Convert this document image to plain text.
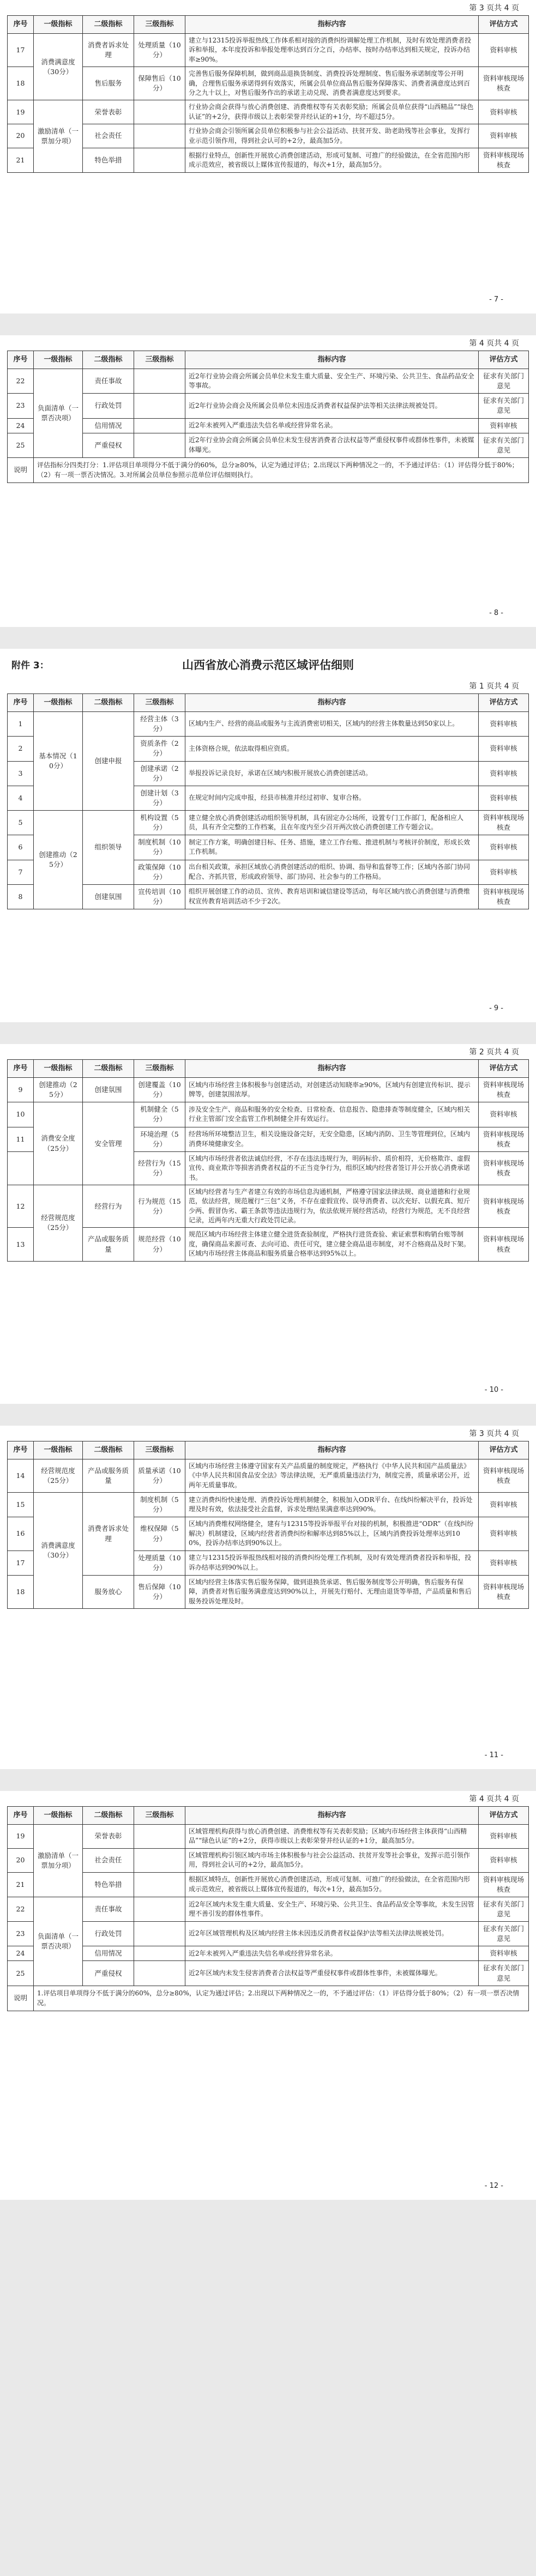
第 3 页共 4 页
序号	一级指标	二级指标	三级指标	指标内容	评估方式
17	消费满意度（30分）	消费者诉求处理	处理质量（10分）	建立与12315投诉举报热线工作体系相对接的消费纠纷调解处理工作机制，及时有效处理消费者投诉和举报，本年度投诉和举报处理率达到百分之百，办结率、按时办结率达到相关规定，投诉办结率≥90%。	资料审核
18		售后服务	保障售后（10分）	完善售后服务保障机制，做到商品退换货制度、消费投诉处理制度、售后服务承诺制度等公开明确，合理售后服务承诺得到有效落实，所属会员单位商品售后服务保障落实、消费者满意度达到百分之九十以上，对售后服务作出的承诺主动兑现、消费者满意度达到要求。	资料审核现场核查
19	激励清单（一票加分项）	荣誉表彰		行业协会商会获得与放心消费创建、消费维权等有关表彰奖励；所属会员单位获得“山西精品”“绿色认证”的+2分，获得市级以上表彰荣誉并经认证的+1分，均不超过5分。	资料审核
20		社会责任		行业协会商会引领所属会员单位积极参与社会公益活动、扶贫开发、助老助残等社会事业，发挥行业示范引领作用，得到社会认可的+2分，最高加5分。	资料审核
21		特色举措		根据行业特点，创新性开展放心消费创建活动，形成可复制、可推广的经验做法，在全省范围内形成示范效应，被省级以上媒体宣传报道的，每次+1分，最高加5分。	资料审核现场核查
- 7 -
第 4 页共 4 页
序号	一级指标	二级指标	三级指标	指标内容	评估方式
22	负面清单（一票否决项）	责任事故		近2年行业协会商会所属会员单位未发生重大质量、安全生产、环境污染、公共卫生、食品药品安全等事故。	征求有关部门意见
23		行政处罚		近2年行业协会商会及所属会员单位未因违反消费者权益保护法等相关法律法规被处罚。	征求有关部门意见
24		信用情况		近2年未被列入严重违法失信名单或经营异常名录。	资料审核
25		严重侵权		近2年行业协会商会所属会员单位未发生侵害消费者合法权益等严重侵权事件或群体性事件，未被媒体曝光。	征求有关部门意见
说明	评估指标分四类打分：1.评估项目单项得分不低于满分的60%，总分≥80%，认定为通过评估；2.出现以下两种情况之一的，不予通过评估：（1）评估得分低于80%；（2）有一项一票否决情况。3.对所属会员单位参照示范单位评估细则执行。				
- 8 -
附件 3：	山西省放心消费示范区域评估细则
第 1 页共 4 页
序号	一级指标	二级指标	三级指标	指标内容	评估方式
1	基本情况（10分）	创建申报	经营主体（3分）	区域内生产、经营的商品或服务与主流消费密切相关，区域内的经营主体数量达到50家以上。	资料审核
2			资质条件（2分）	主体资格合规，依法取得相应资质。	资料审核
3			创建承诺（2分）	举报投诉记录良好，承诺在区域内积极开展放心消费创建活动。	资料审核
4			创建计划（3分）	在规定时间内完成申报，经县市核准并经过初审、复审合格。	资料审核
5	创建推动（25分）	组织领导	机构设置（5分）	建立健全放心消费创建活动组织领导机制，具有固定办公场所，设置专门工作部门，配备相应人员，具有齐全完整的工作档案，且在年度内至少召开两次放心消费创建工作专题会议。	资料审核现场核查
6			制度机制（10分）	制定工作方案，明确创建目标、任务、措施，建立工作台账、推进机制与考核评价制度，形成长效工作机制。	资料审核
7			政策保障（10分）	出台相关政策，承担区域放心消费创建活动的组织、协调、指导和监督等工作；区域内各部门协同配合、齐抓共管，形成政府领导、部门协同、社会参与的工作格局。	资料审核
8		创建氛围	宣传培训（10分）	组织开展创建工作的动员、宣传、教育培训和诚信建设等活动，每年区域内放心消费创建与消费维权宣传教育培训活动不少于2次。	资料审核现场核查
- 9 -
第 2 页共 4 页
序号	一级指标	二级指标	三级指标	指标内容	评估方式
9	创建推动（25分）	创建氛围	创建覆盖（10分）	区域内市场经营主体积极参与创建活动，对创建活动知晓率≥90%，区域内有创建宣传标识、提示牌等，创建氛围浓厚。	资料审核现场核查
10	消费安全度（25分）	安全管理	机制健全（5分）	涉及安全生产、商品和服务的安全检查、日常检查、信息报告、隐患排查等制度健全，区域内相关行业主管部门安全监管工作机制健全并有效运行。	资料审核
11			环境治理（5分）	经营场所环境整洁卫生，相关设施设备完好，无安全隐患，区域内消防、卫生等管理到位，区域内消费环境健康安全。	资料审核现场核查
			经营行为（15分）	区域内市场经营者依法诚信经营，不存在违法违规行为，明码标价、质价相符，无价格欺诈、虚假宣传、商业欺诈等损害消费者权益的不正当竞争行为，组织区域内经营者签订并公开放心消费承诺书。	资料审核现场核查
12	经营规范度（25分）	经营行为	行为规范（15分）	区域内经营者与生产者建立有效的市场信息沟通机制，严格遵守国家法律法规、商业道德和行业规范，依法经营，规范履行“三包”义务，不存在虚假宣传、误导消费者、以次充好、以假充真、短斤少两、假冒伪劣、霸王条款等违法违规行为，依法依规开展经营活动，经营行为规范，无不良经营记录，近两年内无重大行政处罚记录。	资料审核现场核查
13		产品或服务质量	规范经营（10分）	规范区域内市场经营主体建立健全进货查验制度，严格执行进货查验、索证索票和购销台账等制度，确保商品来源可查、去向可追、责任可究，建立健全商品退市制度，对不合格商品及时下架。区域内市场经营主体商品和服务质量合格率达到95%以上。	资料审核现场核查
- 10 -
第 3 页共 4 页
序号	一级指标	二级指标	三级指标	指标内容	评估方式
14	经营规范度（25分）	产品或服务质量	质量承诺（10分）	区域内市场经营主体遵守国家有关产品质量的制度规定，严格执行《中华人民共和国产品质量法》《中华人民共和国食品安全法》等法律法规，无严重质量违法行为，制度完善，质量承诺公开，近两年无质量事故。	资料审核现场核查
15	消费满意度（30分）	消费者诉求处理	制度机制（5分）	建立消费纠纷快速处理、消费投诉处理机制健全，积极加入ODR平台、在线纠纷解决平台，投诉处理及时有效，依法接受社会监督，诉求处理结果满意率达到90%。	资料审核
16			维权保障（5分）	区域内消费维权网络健全，建有与12315等投诉举报平台对接的机制，积极推进“ODR”（在线纠纷解决）机制建设，区域内经营者消费纠纷和解率达到85%以上，区域内消费投诉处理率达到100%，投诉办结率达到90%以上。	资料审核
17			处理质量（10分）	建立与12315投诉举报热线相对接的消费纠纷处理工作机制，及时有效处理消费者投诉和举报，投诉办结率达到90%以上。	资料审核
18		服务放心	售后保障（10分）	区域内经营主体落实售后服务保障，做到退换货承诺、售后服务制度等公开明确，售后服务有保障，消费者对售后服务满意度达到90%以上，开展先行赔付、无理由退货等举措，产品质量和售后服务投诉处理及时。	资料审核现场核查
- 11 -
第 4 页共 4 页
序号	一级指标	二级指标	三级指标	指标内容	评估方式
19	激励清单（一票加分项）	荣誉表彰		区域管理机构获得与放心消费创建、消费维权等有关表彰奖励；区域内市场经营主体获得“山西精品”“绿色认证”的+2分，获得市级以上表彰荣誉并经认证的+1分，最高加5分。	资料审核
20		社会责任		区域管理机构引领区域内市场主体积极参与社会公益活动、扶贫开发等社会事业，发挥示范引领作用，得到社会认可的+2分，最高加5分。	资料审核
21		特色举措		根据区域特点，创新性开展放心消费创建活动，形成可复制、可推广的经验做法，在全省范围内形成示范效应，被省级以上媒体宣传报道的，每次+1分，最高加5分。	资料审核现场核查
22	负面清单（一票否决项）	责任事故		近2年区域内未发生重大质量、安全生产、环境污染、公共卫生、食品药品安全等事故，未发生因管理不善引发的群体性事件。	征求有关部门意见
23		行政处罚		近2年区域管理机构及区域内经营主体未因违反消费者权益保护法等相关法律法规被处罚。	征求有关部门意见
24		信用情况		近2年未被列入严重违法失信名单或经营异常名录。	资料审核
25		严重侵权		近2年区域内未发生侵害消费者合法权益等严重侵权事件或群体性事件，未被媒体曝光。	征求有关部门意见
说明	1.评估项目单项得分不低于满分的60%，总分≥80%，认定为通过评估；2.出现以下两种情况之一的，不予通过评估：（1）评估得分低于80%；（2）有一项一票否决情况。				
- 12 -
